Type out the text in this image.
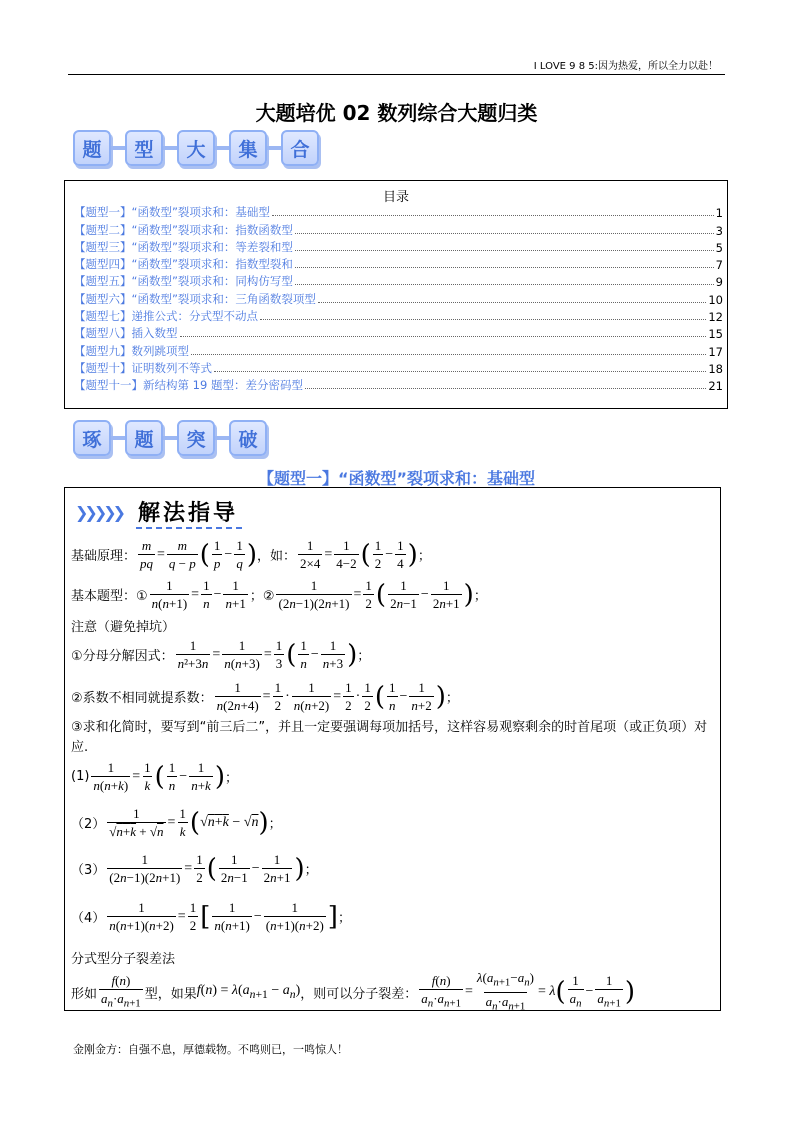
I LOVE 9 8 5:因为热爱，所以全力以赴！
大题培优 02 数列综合大题归类
题	型	大	集	合
目录
【题型一】“函数型”裂项求和：基础型	1
【题型二】“函数型”裂项求和：指数函数型	3
【题型三】“函数型”裂项求和：等差裂和型	5
【题型四】“函数型”裂项求和：指数型裂和	7
【题型五】“函数型”裂项求和：同构仿写型	9
【题型六】“函数型”裂项求和：三角函数裂项型	10
【题型七】递推公式：分式型不动点	12
【题型八】插入数型	15
【题型九】数列跳项型	17
【题型十】证明数列不等式	18
【题型十一】新结构第 19 题型：差分密码型	21
琢	题	突	破
【题型一】“函数型”裂项求和：基础型
❯❯❯❯❯ 解法指导
基础原理： $\frac{m}{pq} = \frac{m}{q - p}$ ( $\frac{1}{p} - \frac{1}{q}$ ) ，如： $\frac{1}{2\times 4} = \frac{1}{4-2}$ ( $\frac{1}{2} - \frac{1}{4}$ ) ；
基本题型：① $\frac{1}{n(n+1)} = \frac{1}{n} - \frac{1}{n+1}$ ；② $\frac{1}{(2n-1)(2n+1)} = \frac{1}{2}$ ( $\frac{1}{2n-1} - \frac{1}{2n+1}$ ) ；
注意（避免掉坑）
①分母分解因式： $\frac{1}{\text{n²+3n}} = \frac{1}{n(n+3)} = \frac{1}{3}$ ( $\frac{1}{n} - \frac{1}{n+3}$ ) ；
②系数不相同就提系数： $\frac{1}{n(2n+4)} = \frac{1}{2} \cdot \frac{1}{n(n+2)} = \frac{1}{2} \cdot \frac{1}{2}$ ( $\frac{1}{n} - \frac{1}{n+2}$ ) ；
③求和化简时，要写到“前三后二”，并且一定要强调每项加括号，这样容易观察剩余的时首尾项（或正负项）对应.
$(1) \frac{1}{n(n+k)} = \frac{1}{k}$ ( $\frac{1}{n} - \frac{1}{n+k}$ ) ；
$(2) \frac{1}{√n+k + √n} = \frac{1}{k}$ ( √n+k − √n ) ；
$(3) \frac{1}{(2n-1)(2n+1)} = \frac{1}{2}$ ( $\frac{1}{2n-1} - \frac{1}{2n+1}$ ) ；
$(4) \frac{1}{n(n+1)(n+2)} = \frac{1}{2}$ [ $\frac{1}{n(n+1)} - \frac{1}{(n+1)(n+2)}$ ] ；
分式型分子裂差法
形如 $\frac{f(n)}{a_n\cdot a_{n+1}}$ 型，如果 $f(n) = \lambda(a_{n+1} - a_n)$ ，则可以分子裂差： $\frac{f(n)}{a_n\cdot a_{n+1}} = \frac{\lambda(a_{n+1}-a_n)}{a_n\cdot a_{n+1}} = \lambda$ ( $\frac{1}{a_n} - \frac{1}{a_{n+1}}$ )
金刚金方：自强不息，厚德载物。不鸣则已，一鸣惊人！
